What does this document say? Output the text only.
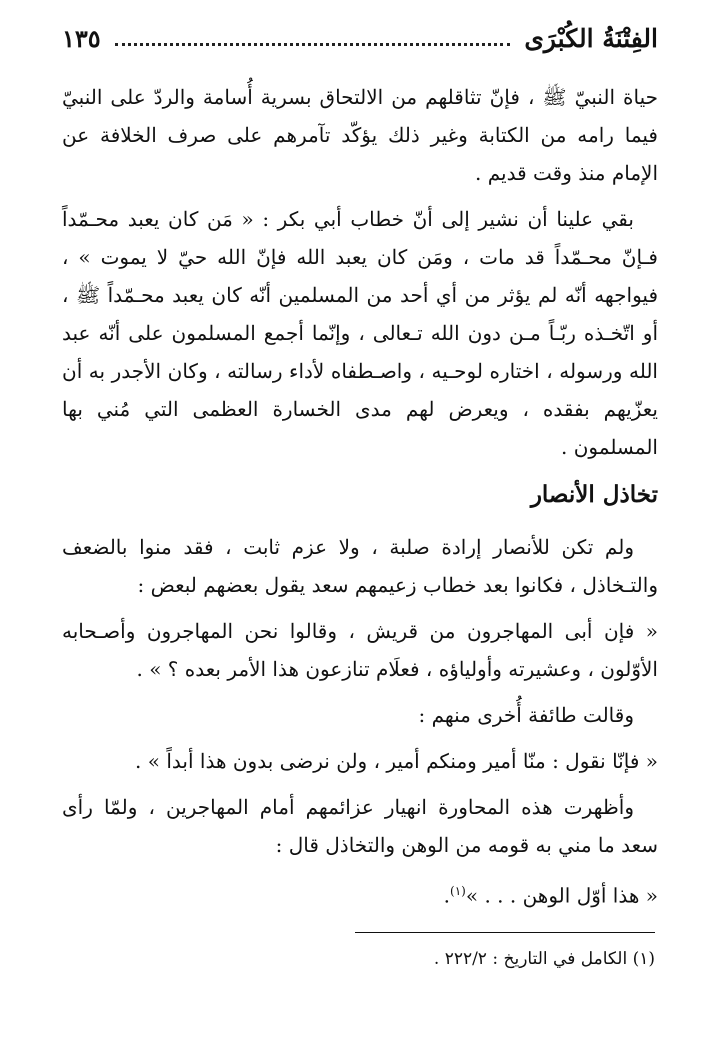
الفِتْنَةُ الكُبْرَى
١٣٥

حياة النبيّ ﷺ ، فإنّ تثاقلهم من الالتحاق بسرية أُسامة والردّ على النبيّ فيما رامه من الكتابة وغير ذلك يؤكّد تآمرهم على صرف الخلافة عن الإمام منذ وقت قديم .

بقي علينا أن نشير إلى أنّ خطاب أبي بكر : « مَن كان يعبد محـمّداً فـإنّ محـمّداً قد مات ، ومَن كان يعبد الله فإنّ الله حيّ لا يموت » ، فيواجهه أنّه لم يؤثر من أي أحد من المسلمين أنّه كان يعبد محـمّداً ﷺ ، أو اتّخـذه ربّـاً مـن دون الله تـعالى ، وإنّما أجمع المسلمون على أنّه عبد الله ورسوله ، اختاره لوحـيه ، واصـطفاه لأداء رسالته ، وكان الأجدر به أن يعزّيهم بفقده ، ويعرض لهم مدى الخسارة العظمى التي مُني بها المسلمون .

تخاذل الأنصار

ولم تكن للأنصار إرادة صلبة ، ولا عزم ثابت ، فقد منوا بالضعف والتـخاذل ، فكانوا بعد خطاب زعيمهم سعد يقول بعضهم لبعض :

« فإن أبى المهاجرون من قريش ، وقالوا نحن المهاجرون وأصـحابه الأوّلون ، وعشيرته وأولياؤه ، فعلَام تنازعون هذا الأمر بعده ؟ » .

وقالت طائفة أُخرى منهم :

« فإنّا نقول : منّا أمير ومنكم أمير ، ولن نرضى بدون هذا أبداً » .

وأظهرت هذه المحاورة انهيار عزائمهم أمام المهاجرين ، ولمّا رأى سعد ما مني به قومه من الوهن والتخاذل قال :

« هذا أوّل الوهن . . . »$^{(١)}$.

(١) الكامل في التاريخ : ٢٢٢/٢ .
